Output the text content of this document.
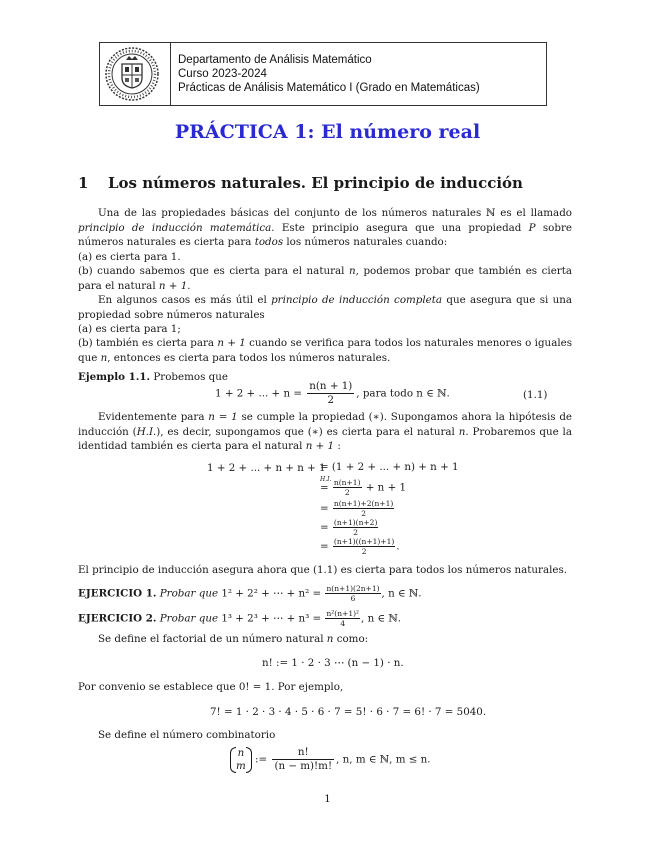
Departamento de Análisis Matemático
Curso 2023-2024
Prácticas de Análisis Matemático I (Grado en Matemáticas)
PRÁCTICA 1: El número real
1 Los números naturales. El principio de inducción
Una de las propiedades básicas del conjunto de los números naturales ℕ es el llamado principio de inducción matemática. Este principio asegura que una propiedad P sobre números naturales es cierta para todos los números naturales cuando:
(a) es cierta para 1.
(b) cuando sabemos que es cierta para el natural n, podemos probar que también es cierta para el natural n + 1.
En algunos casos es más útil el principio de inducción completa que asegura que si una propiedad sobre números naturales
(a) es cierta para 1;
(b) también es cierta para n + 1 cuando se verifica para todos los naturales menores o iguales que n, entonces es cierta para todos los números naturales.
Ejemplo 1.1. Probemos que
1 + 2 + ... + $n = \frac{n(n + 1)}{2}$ , para todo n ∈ ℕ.	(1.1)
Evidentemente para n = 1 se cumple la propiedad (∗). Supongamos ahora la hipótesis de inducción (H.I.), es decir, supongamos que (∗) es cierta para el natural n. Probaremos que la identidad también es cierta para el natural n + 1 :
1 + 2 + ... + n + n + 1
= (1 + 2 + ... + n) + n + 1
=
H.I.
$\frac{n(n+1)}{2} + n + 1$
= $\frac{n(n+1)+2(n+1)}{2}$
= $\frac{(n+1)(n+2)}{2}$
= $\frac{(n+1)((n+1)+1)}{2}$ .
El principio de inducción asegura ahora que (1.1) es cierta para todos los números naturales.
EJERCICIO 1. Probar que 1² + 2² + ⋯ + $n^2 = \frac{n(n+1)(2n+1)}{6}$ , n ∈ ℕ.
EJERCICIO 2. Probar que 1³ + 2³ + ⋯ + $n^3 = \frac{\text{n²(n+1)²}}{4}$ , n ∈ ℕ.
Se define el factorial de un número natural n como:
n! := 1 · 2 · 3 ⋯ (n − 1) · n.
Por convenio se establece que 0! = 1. Por ejemplo,
7! = 1 · 2 · 3 · 4 · 5 · 6 · 7 = 5! · 6 · 7 = 6! · 7 = 5040.
Se define el número combinatorio
n
m := $\frac{n!}{(n - m)!m!}$ , n, m ∈ ℕ, m ≤ n.
1
